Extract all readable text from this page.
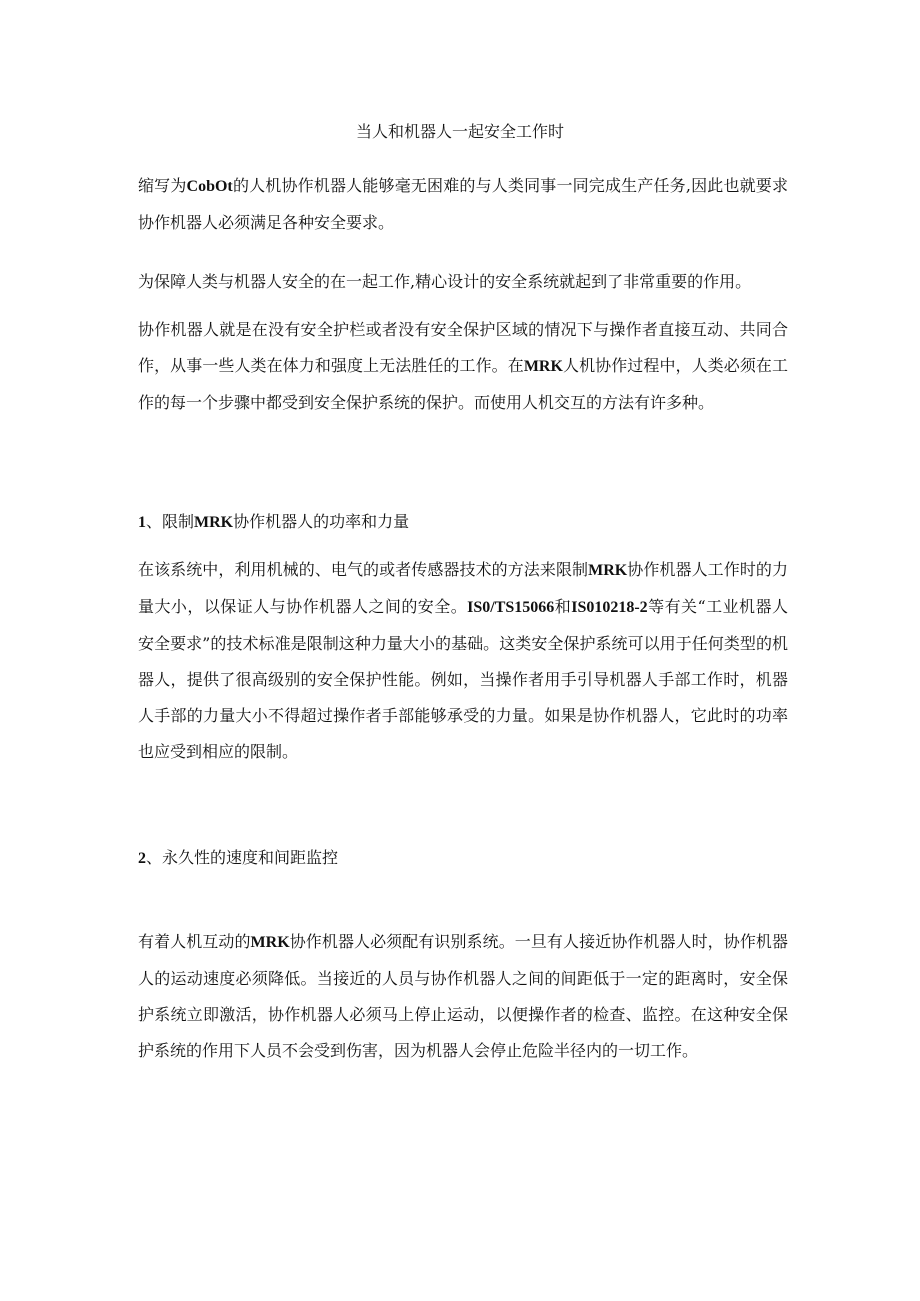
当人和机器人一起安全工作时
缩写为CobOt的人机协作机器人能够毫无困难的与人类同事一同完成生产任务,因此也就要求协作机器人必须满足各种安全要求。
为保障人类与机器人安全的在一起工作,精心设计的安全系统就起到了非常重要的作用。
协作机器人就是在没有安全护栏或者没有安全保护区域的情况下与操作者直接互动、共同合作，从事一些人类在体力和强度上无法胜任的工作。在MRK人机协作过程中，人类必须在工作的每一个步骤中都受到安全保护系统的保护。而使用人机交互的方法有许多种。
1、限制MRK协作机器人的功率和力量
在该系统中，利用机械的、电气的或者传感器技术的方法来限制MRK协作机器人工作时的力量大小，以保证人与协作机器人之间的安全。IS0/TS15066和IS010218-2等有关“工业机器人安全要求”的技术标准是限制这种力量大小的基础。这类安全保护系统可以用于任何类型的机器人，提供了很高级别的安全保护性能。例如，当操作者用手引导机器人手部工作时，机器人手部的力量大小不得超过操作者手部能够承受的力量。如果是协作机器人，它此时的功率也应受到相应的限制。
2、永久性的速度和间距监控
有着人机互动的MRK协作机器人必须配有识别系统。一旦有人接近协作机器人时，协作机器人的运动速度必须降低。当接近的人员与协作机器人之间的间距低于一定的距离时，安全保护系统立即激活，协作机器人必须马上停止运动，以便操作者的检查、监控。在这种安全保护系统的作用下人员不会受到伤害，因为机器人会停止危险半径内的一切工作。
